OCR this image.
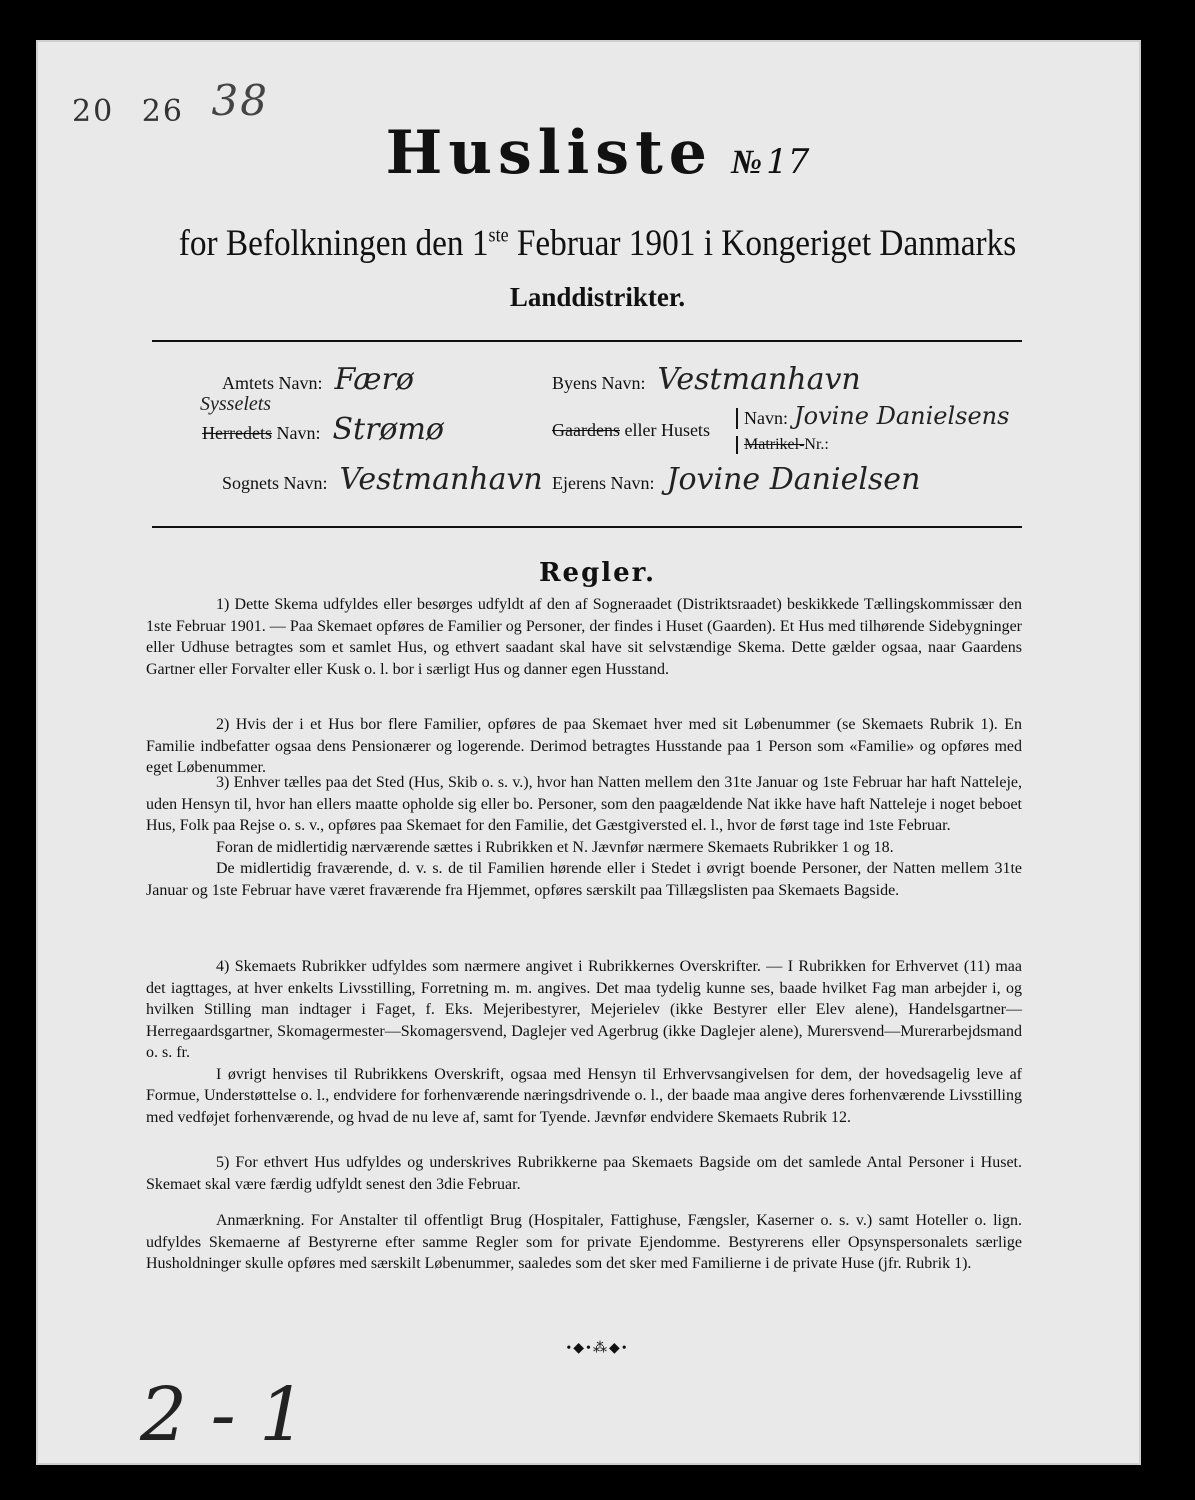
20 26 38
Husliste № 17
for Befolkningen den 1ste Februar 1901 i Kongeriget Danmarks
Landdistrikter.
Amtets Navn: Færø
Sysselets
Herredets Navn: Strømø
Sognets Navn: Vestmanhavn
Byens Navn: Vestmanhavn
Gaardens eller Husets
Navn: Jovine Danielsens
Matrikel-Nr.:
Ejerens Navn: Jovine Danielsen
Regler.

1) Dette Skema udfyldes eller besørges udfyldt af den af Sogneraadet (Distriktsraadet) beskikkede Tællingskommissær den 1ste Februar 1901. — Paa Skemaet opføres de Familier og Personer, der findes i Huset (Gaarden). Et Hus med tilhørende Sidebygninger eller Udhuse betragtes som et samlet Hus, og ethvert saadant skal have sit selvstændige Skema. Dette gælder ogsaa, naar Gaardens Gartner eller Forvalter eller Kusk o. l. bor i særligt Hus og danner egen Husstand.

2) Hvis der i et Hus bor flere Familier, opføres de paa Skemaet hver med sit Løbenummer (se Skemaets Rubrik 1). En Familie indbefatter ogsaa dens Pensionærer og logerende. Derimod betragtes Husstande paa 1 Person som «Familie» og opføres med eget Løbenummer.

3) Enhver tælles paa det Sted (Hus, Skib o. s. v.), hvor han Natten mellem den 31te Januar og 1ste Februar har haft Natteleje, uden Hensyn til, hvor han ellers maatte opholde sig eller bo. Personer, som den paagældende Nat ikke have haft Natteleje i noget beboet Hus, Folk paa Rejse o. s. v., opføres paa Skemaet for den Familie, det Gæstgiversted el. l., hvor de først tage ind 1ste Februar.

Foran de midlertidig nærværende sættes i Rubrikken et N. Jævnfør nærmere Skemaets Rubrikker 1 og 18.

De midlertidig fraværende, d. v. s. de til Familien hørende eller i Stedet i øvrigt boende Personer, der Natten mellem 31te Januar og 1ste Februar have været fraværende fra Hjemmet, opføres særskilt paa Tillægslisten paa Skemaets Bagside.

4) Skemaets Rubrikker udfyldes som nærmere angivet i Rubrikkernes Overskrifter. — I Rubrikken for Erhvervet (11) maa det iagttages, at hver enkelts Livsstilling, Forretning m. m. angives. Det maa tydelig kunne ses, baade hvilket Fag man arbejder i, og hvilken Stilling man indtager i Faget, f. Eks. Mejeribestyrer, Mejerielev (ikke Bestyrer eller Elev alene), Handelsgartner—Herregaardsgartner, Skomagermester—Skomagersvend, Daglejer ved Agerbrug (ikke Daglejer alene), Murersvend—Murerarbejdsmand o. s. fr.

I øvrigt henvises til Rubrikkens Overskrift, ogsaa med Hensyn til Erhvervsangivelsen for dem, der hovedsagelig leve af Formue, Understøttelse o. l., endvidere for forhenværende næringsdrivende o. l., der baade maa angive deres forhenværende Livsstilling med vedføjet forhenværende, og hvad de nu leve af, samt for Tyende. Jævnfør endvidere Skemaets Rubrik 12.

5) For ethvert Hus udfyldes og underskrives Rubrikkerne paa Skemaets Bagside om det samlede Antal Personer i Huset. Skemaet skal være færdig udfyldt senest den 3die Februar.

Anmærkning. For Anstalter til offentligt Brug (Hospitaler, Fattighuse, Fængsler, Kaserner o. s. v.) samt Hoteller o. lign. udfyldes Skemaerne af Bestyrerne efter samme Regler som for private Ejendomme. Bestyrerens eller Opsynspersonalets særlige Husholdninger skulle opføres med særskilt Løbenummer, saaledes som det sker med Familierne i de private Huse (jfr. Rubrik 1).

•◆•⁂◆•
2 - 1
